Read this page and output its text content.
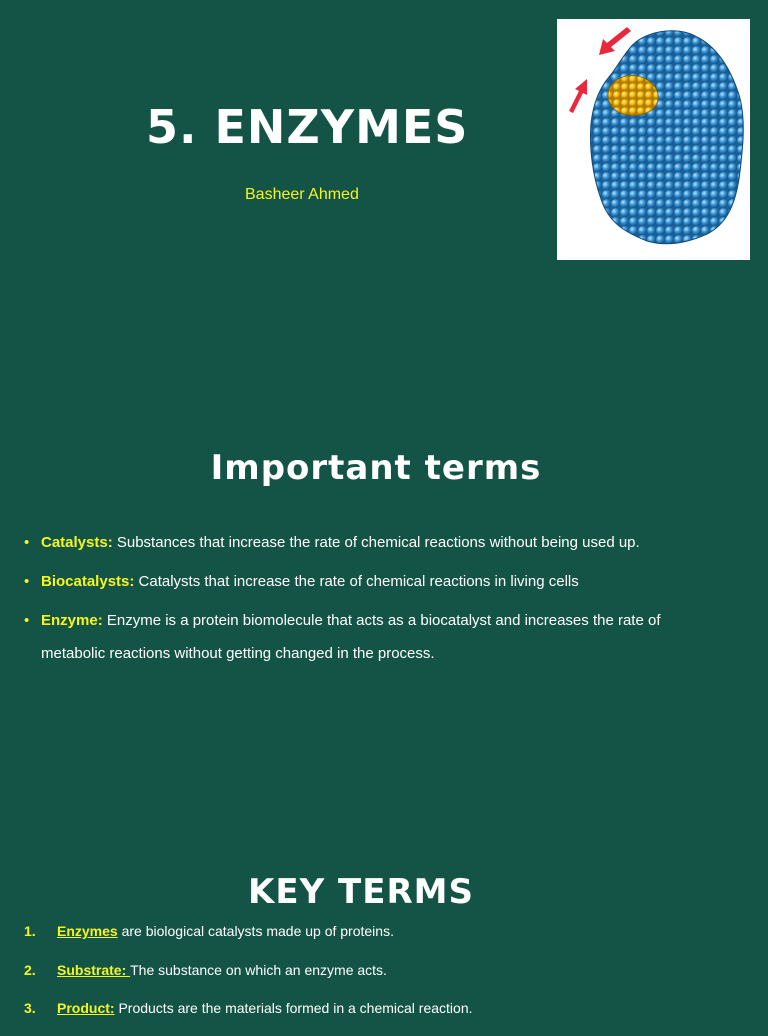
5. ENZYMES
Basheer Ahmed
Important terms
• Catalysts: Substances that increase the rate of chemical reactions without being used up.
• Biocatalysts: Catalysts that increase the rate of chemical reactions in living cells
• Enzyme: Enzyme is a protein biomolecule that acts as a biocatalyst and increases the rate of metabolic reactions without getting changed in the process.
KEY TERMS
1. Enzymes are biological catalysts made up of proteins.
2. Substrate: The substance on which an enzyme acts.
3. Product: Products are the materials formed in a chemical reaction.
